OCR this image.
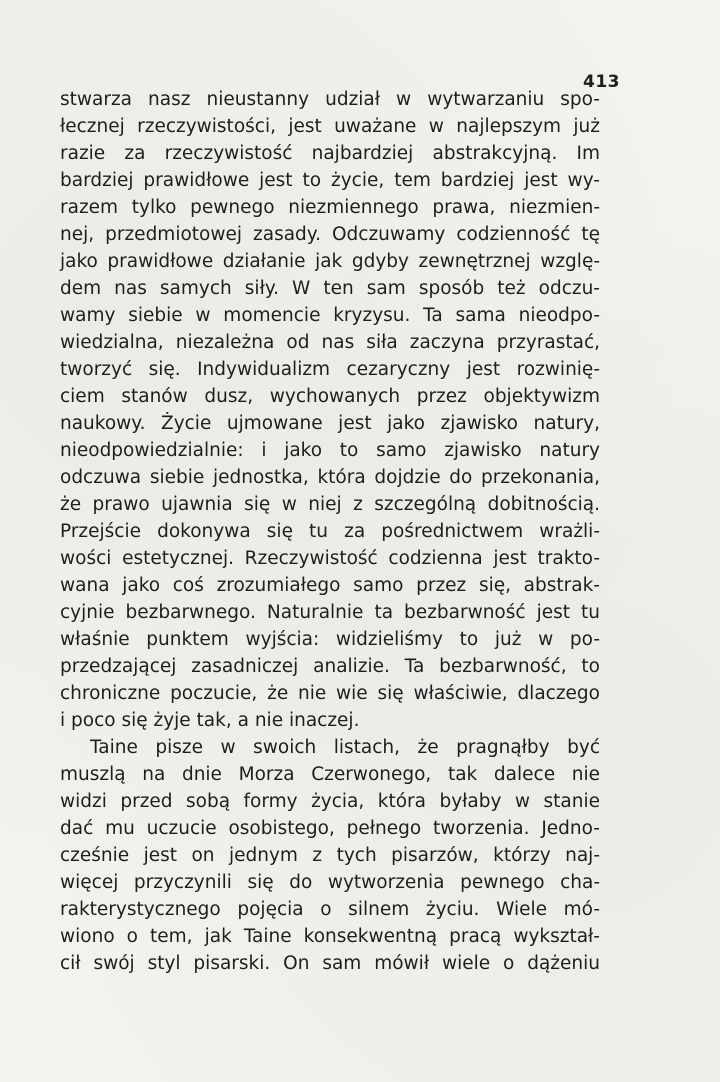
413
stwarza nasz nieustanny udział w wytwarzaniu spo-
łecznej rzeczywistości, jest uważane w najlepszym już
razie za rzeczywistość najbardziej abstrakcyjną. Im
bardziej prawidłowe jest to życie, tem bardziej jest wy-
razem tylko pewnego niezmiennego prawa, niezmien-
nej, przedmiotowej zasady. Odczuwamy codzienność tę
jako prawidłowe działanie jak gdyby zewnętrznej wzglę-
dem nas samych siły. W ten sam sposób też odczu-
wamy siebie w momencie kryzysu. Ta sama nieodpo-
wiedzialna, niezależna od nas siła zaczyna przyrastać,
tworzyć się. Indywidualizm cezaryczny jest rozwinię-
ciem stanów dusz, wychowanych przez objektywizm
naukowy. Życie ujmowane jest jako zjawisko natury,
nieodpowiedzialnie: i jako to samo zjawisko natury
odczuwa siebie jednostka, która dojdzie do przekonania,
że prawo ujawnia się w niej z szczególną dobitnością.
Przejście dokonywa się tu za pośrednictwem wrażli-
wości estetycznej. Rzeczywistość codzienna jest trakto-
wana jako coś zrozumiałego samo przez się, abstrak-
cyjnie bezbarwnego. Naturalnie ta bezbarwność jest tu
właśnie punktem wyjścia: widzieliśmy to już w po-
przedzającej zasadniczej analizie. Ta bezbarwność, to
chroniczne poczucie, że nie wie się właściwie, dlaczego
i poco się żyje tak, a nie inaczej.
Taine pisze w swoich listach, że pragnąłby być
muszlą na dnie Morza Czerwonego, tak dalece nie
widzi przed sobą formy życia, która byłaby w stanie
dać mu uczucie osobistego, pełnego tworzenia. Jedno-
cześnie jest on jednym z tych pisarzów, którzy naj-
więcej przyczynili się do wytworzenia pewnego cha-
rakterystycznego pojęcia o silnem życiu. Wiele mó-
wiono o tem, jak Taine konsekwentną pracą wykształ-
cił swój styl pisarski. On sam mówił wiele o dążeniu
